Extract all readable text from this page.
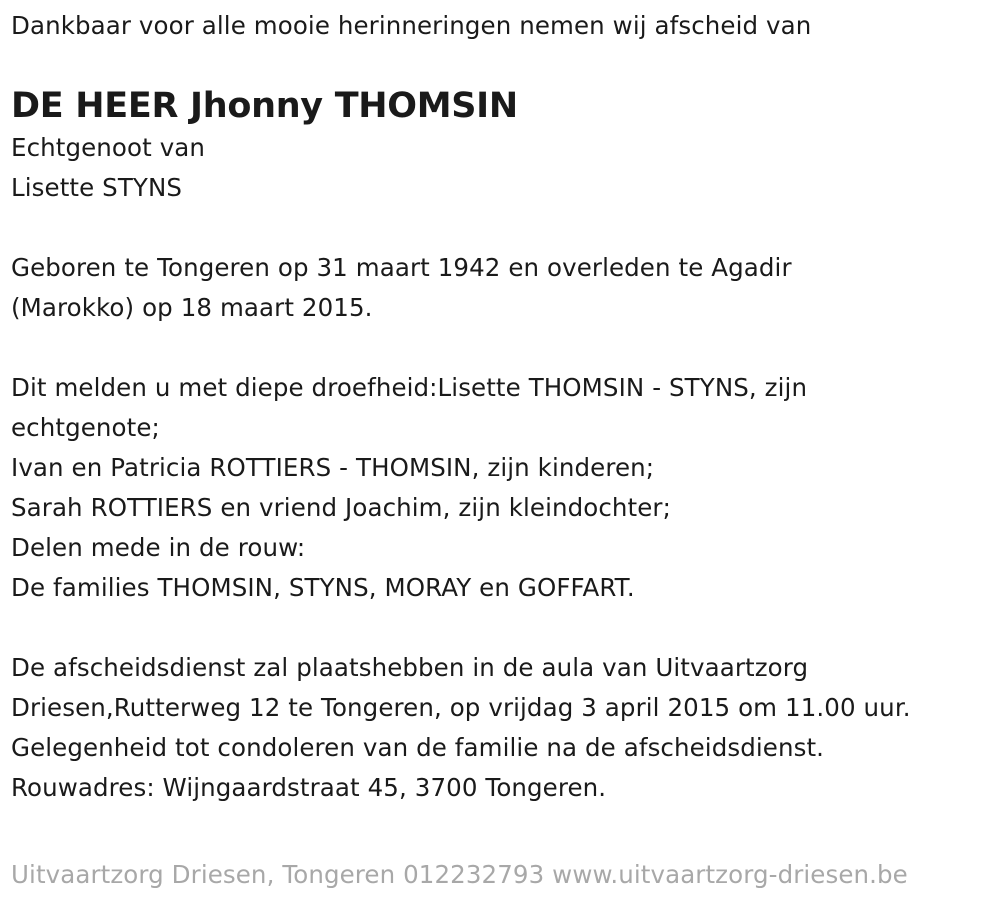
Dankbaar voor alle mooie herinneringen nemen wij afscheid van
DE HEER Jhonny THOMSIN
Echtgenoot van
Lisette STYNS
Geboren te Tongeren op 31 maart 1942 en overleden te Agadir
(Marokko) op 18 maart 2015.
Dit melden u met diepe droefheid:Lisette THOMSIN - STYNS, zijn
echtgenote;
Ivan en Patricia ROTTIERS - THOMSIN, zijn kinderen;
Sarah ROTTIERS en vriend Joachim, zijn kleindochter;
Delen mede in de rouw:
De families THOMSIN, STYNS, MORAY en GOFFART.
De afscheidsdienst zal plaatshebben in de aula van Uitvaartzorg
Driesen,Rutterweg 12 te Tongeren, op vrijdag 3 april 2015 om 11.00 uur.
Gelegenheid tot condoleren van de familie na de afscheidsdienst.
Rouwadres: Wijngaardstraat 45, 3700 Tongeren.
Uitvaartzorg Driesen, Tongeren 012232793 www.uitvaartzorg-driesen.be
